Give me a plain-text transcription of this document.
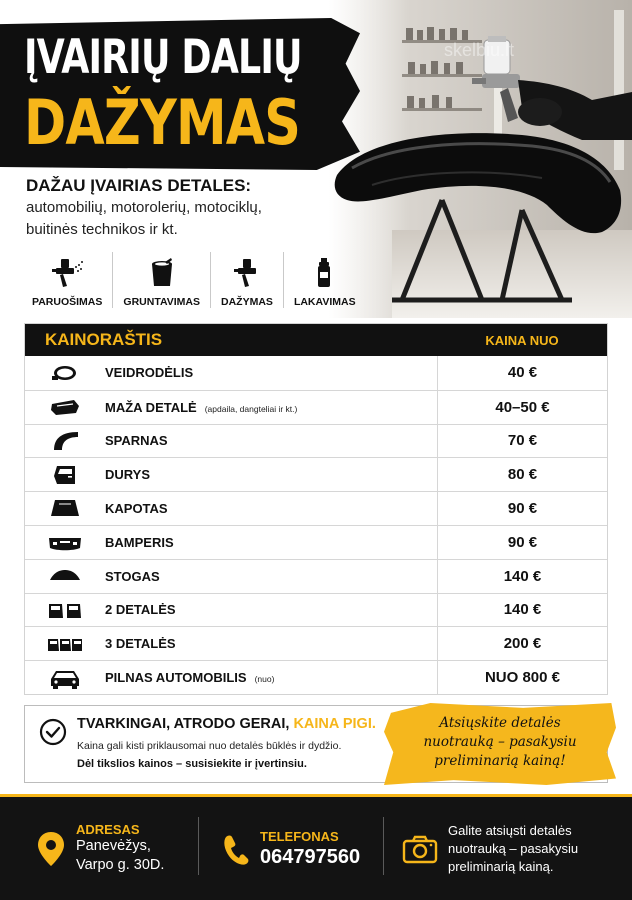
skelbiu.lt
ĮVAIRIŲ DALIŲ
DAŽYMAS
DAŽAU ĮVAIRIAS DETALES:
automobilių, motorolerių, motociklų,
buitinės technikos ir kt.
PARUOŠIMAS GRUNTAVIMAS DAŽYMAS LAKAVIMAS
KAINORAŠTIS	KAINA NUO
VEIDRODĖLIS	40 €
MAŽA DETALĖ (apdaila, dangteliai ir kt.)	40–50 €
SPARNAS	70 €
DURYS	80 €
KAPOTAS	90 €
BAMPERIS	90 €
STOGAS	140 €
2 DETALĖS	140 €
3 DETALĖS	200 €
PILNAS AUTOMOBILIS (nuo)	NUO 800 €
TVARKINGAI, ATRODO GERAI, KAINA PIGI.
Kaina gali kisti priklausomai nuo detalės būklės ir dydžio.
Dėl tikslios kainos – susisiekite ir įvertinsiu.
Atsiųskite detalės
nuotrauką – pasakysiu
preliminarią kainą!
ADRESAS
Panevėžys,
Varpo g. 30D.
TELEFONAS
064797560
Galite atsiųsti detalės
nuotrauką – pasakysiu
preliminarią kainą.
